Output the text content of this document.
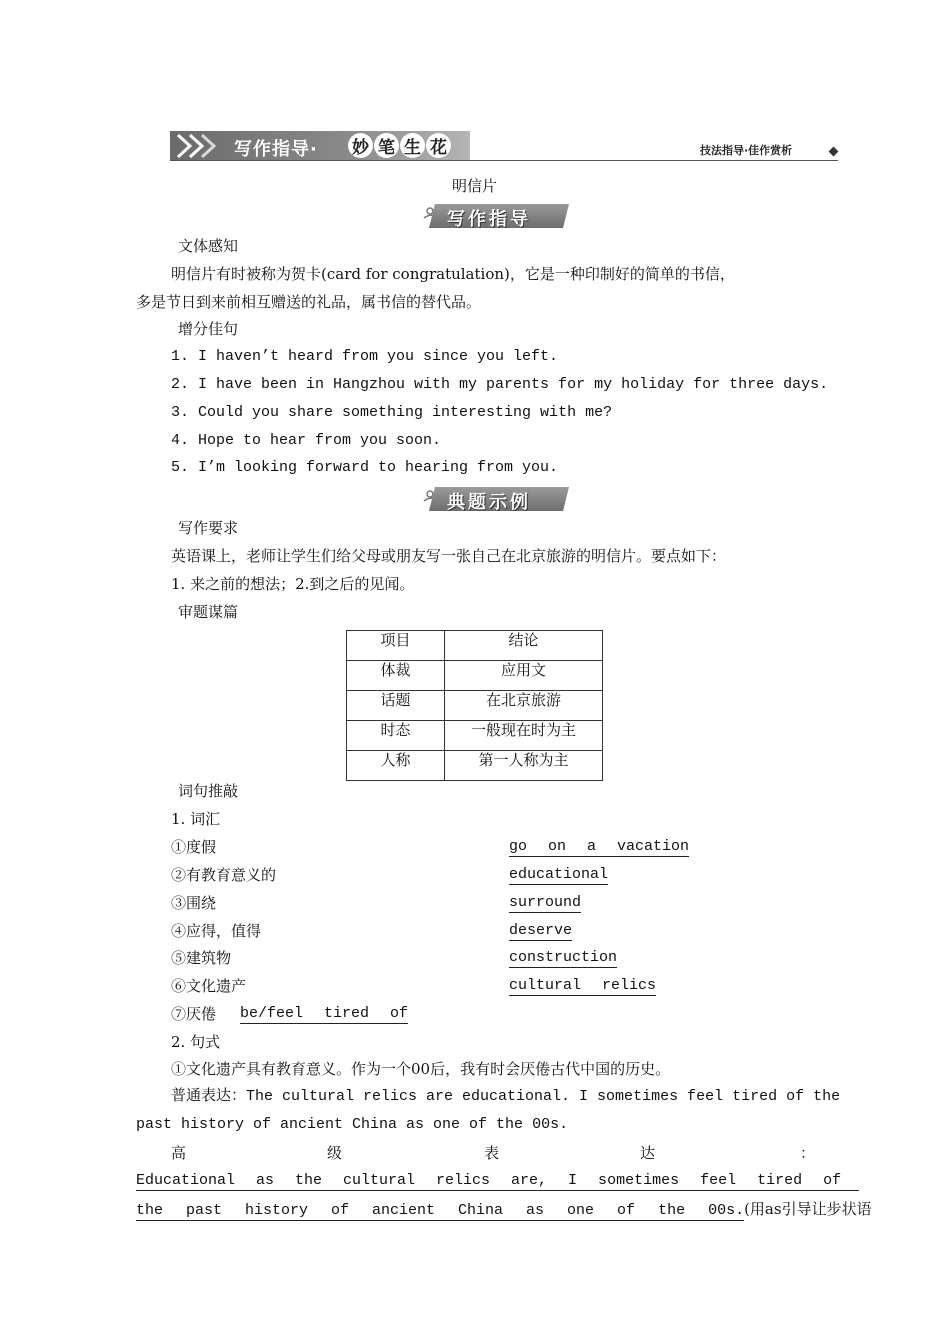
写作指导· 妙 笔 生 花	技法指导·佳作赏析
明信片
写作指导
文体感知
明信片有时被称为贺卡(card for congratulation)，它是一种印制好的简单的书信，
多是节日到来前相互赠送的礼品，属书信的替代品。
增分佳句
1. I haven’t heard from you since you left.
2. I have been in Hangzhou with my parents for my holiday for three days.
3. Could you share something interesting with me?
4. Hope to hear from you soon.
5. I’m looking forward to hearing from you.
典题示例
写作要求
英语课上，老师让学生们给父母或朋友写一张自己在北京旅游的明信片。要点如下：
1. 来之前的想法；2.到之后的见闻。
审题谋篇
项目	结论
体裁	应用文
话题	在北京旅游
时态	一般现在时为主
人称	第一人称为主
词句推敲
1. 词汇
①度假	go on a vacation
②有教育意义的	educational
③围绕	surround
④应得，值得	deserve
⑤建筑物	construction
⑥文化遗产	cultural relics
⑦厌倦 be/feel tired of
2. 句式
①文化遗产具有教育意义。作为一个00后，我有时会厌倦古代中国的历史。
普通表达：The cultural relics are educational. I sometimes feel tired of the
past history of ancient China as one of the 00s.
高	级	表	达	：
Educational as the cultural relics are, I sometimes feel tired of
the past history of ancient China as one of the 00s.(用as引导让步状语
